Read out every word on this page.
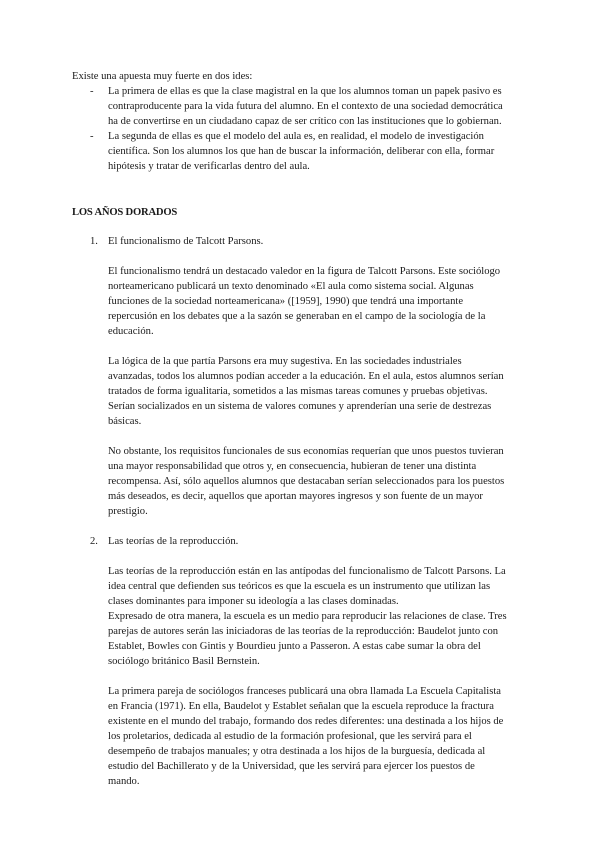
Existe una apuesta muy fuerte en dos ides:
- La primera de ellas es que la clase magistral en la que los alumnos toman un papek pasivo es
contraproducente para la vida futura del alumno. En el contexto de una sociedad democrática
ha de convertirse en un ciudadano capaz de ser crítico con las instituciones que lo gobiernan.
- La segunda de ellas es que el modelo del aula es, en realidad, el modelo de investigación
científica. Son los alumnos los que han de buscar la información, deliberar con ella, formar
hipótesis y tratar de verificarlas dentro del aula.
LOS AÑOS DORADOS
1. El funcionalismo de Talcott Parsons.
El funcionalismo tendrá un destacado valedor en la figura de Talcott Parsons. Este sociólogo
norteamericano publicará un texto denominado «El aula como sistema social. Algunas
funciones de la sociedad norteamericana» ([1959], 1990) que tendrá una importante
repercusión en los debates que a la sazón se generaban en el campo de la sociología de la
educación.
La lógica de la que partía Parsons era muy sugestiva. En las sociedades industriales
avanzadas, todos los alumnos podían acceder a la educación. En el aula, estos alumnos serían
tratados de forma igualitaria, sometidos a las mismas tareas comunes y pruebas objetivas.
Serían socializados en un sistema de valores comunes y aprenderían una serie de destrezas
básicas.
No obstante, los requisitos funcionales de sus economías requerían que unos puestos tuvieran
una mayor responsabilidad que otros y, en consecuencia, hubieran de tener una distinta
recompensa. Así, sólo aquellos alumnos que destacaban serían seleccionados para los puestos
más deseados, es decir, aquellos que aportan mayores ingresos y son fuente de un mayor
prestigio.
2. Las teorías de la reproducción.
Las teorías de la reproducción están en las antípodas del funcionalismo de Talcott Parsons. La
idea central que defienden sus teóricos es que la escuela es un instrumento que utilizan las
clases dominantes para imponer su ideología a las clases dominadas.
Expresado de otra manera, la escuela es un medio para reproducir las relaciones de clase. Tres
parejas de autores serán las iniciadoras de las teorías de la reproducción: Baudelot junto con
Establet, Bowles con Gintis y Bourdieu junto a Passeron. A estas cabe sumar la obra del
sociólogo británico Basil Bernstein.
La primera pareja de sociólogos franceses publicará una obra llamada La Escuela Capitalista
en Francia (1971). En ella, Baudelot y Establet señalan que la escuela reproduce la fractura
existente en el mundo del trabajo, formando dos redes diferentes: una destinada a los hijos de
los proletarios, dedicada al estudio de la formación profesional, que les servirá para el
desempeño de trabajos manuales; y otra destinada a los hijos de la burguesía, dedicada al
estudio del Bachillerato y de la Universidad, que les servirá para ejercer los puestos de
mando.
